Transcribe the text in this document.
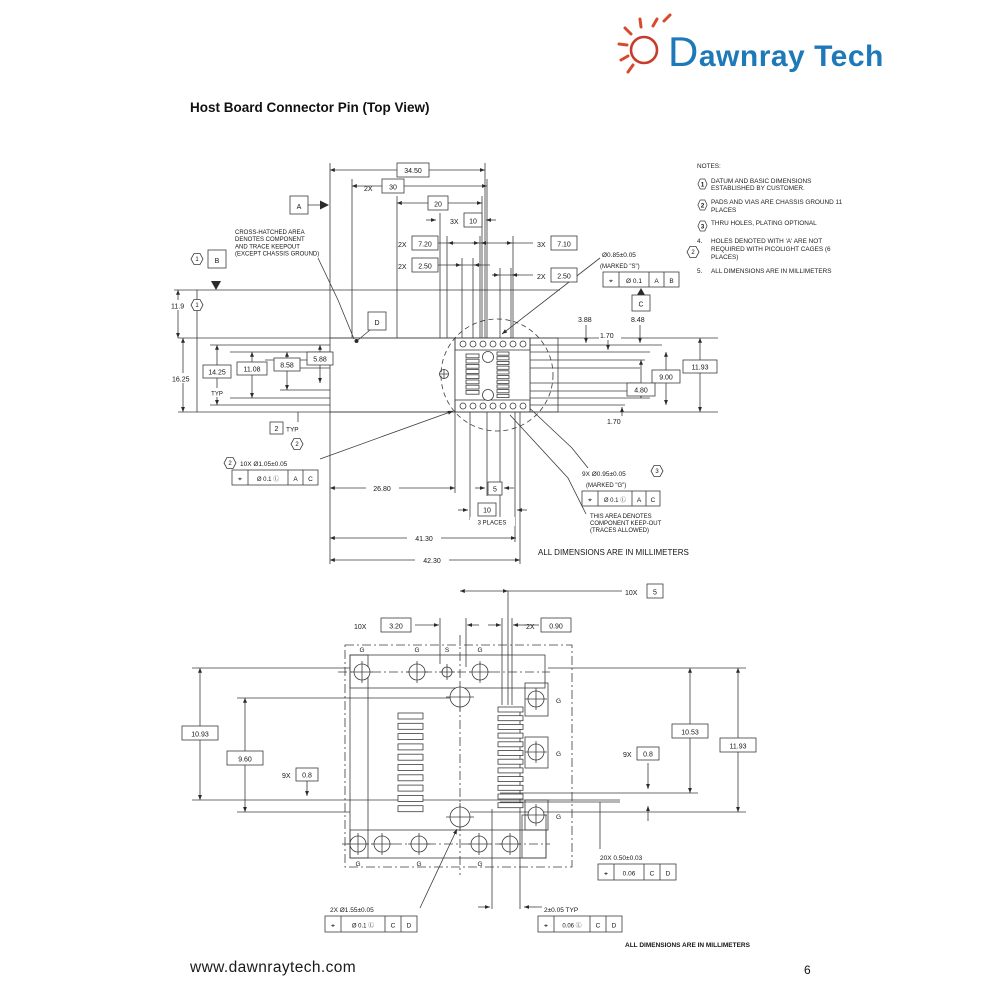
Dawnray Tech
Host Board Connector Pin (Top View)
NOTES:
1 DATUM AND BASIC DIMENSIONS ESTABLISHED BY CUSTOMER.
2 PADS AND VIAS ARE CHASSIS GROUND 11 PLACES
3 THRU HOLES, PLATING OPTIONAL
4.	HOLES DENOTED WITH 'A' ARE NOT REQUIRED WITH PICOLIGHT CAGES (6 PLACES)
5.	ALL DIMENSIONS ARE IN MILLIMETERS
A
1 B
D
16.25
14.25
TYP
11.08
8.58
5.88
11.9 1
2 TYP
2
34.50
2X 30
20
3X 10
2X 7.20
2X 2.50
3X 7.10
2X 2.50
3.88
1.70
8.48
11.93
9.00
4.80
1.70
26.80	5
10
3 PLACES
41.30
42.30
Ø0.85±0.05	2
(MARKED "S")
⌖ Ø 0.1 A B
C
2 10X Ø1.05±0.05
⌖ Ø 0.1 Ⓛ A C
9X Ø0.95±0.05	3
(MARKED "G")
⌖ Ø 0.1 Ⓛ A C
CROSS-HATCHED AREA
DENOTES COMPONENT
AND TRACE KEEPOUT
(EXCEPT CHASSIS GROUND)
THIS AREA DENOTES
COMPONENT KEEP-OUT
(TRACES ALLOWED)
ALL DIMENSIONS ARE IN MILLIMETERS
G	G	G
S
G
G
G
G	G	G
10X 5
10X	3.20	2X 0.90
10.93
9.60
9X 0.8
10.53
11.93
9X 0.8
20X 0.50±0.03
⌖ 0.06 C D
2X Ø1.55±0.05
⌖	Ø 0.1 Ⓛ	C D
2±0.05 TYP
⌖ 0.06 Ⓛ C D
ALL DIMENSIONS ARE IN MILLIMETERS
www.dawnraytech.com	6
